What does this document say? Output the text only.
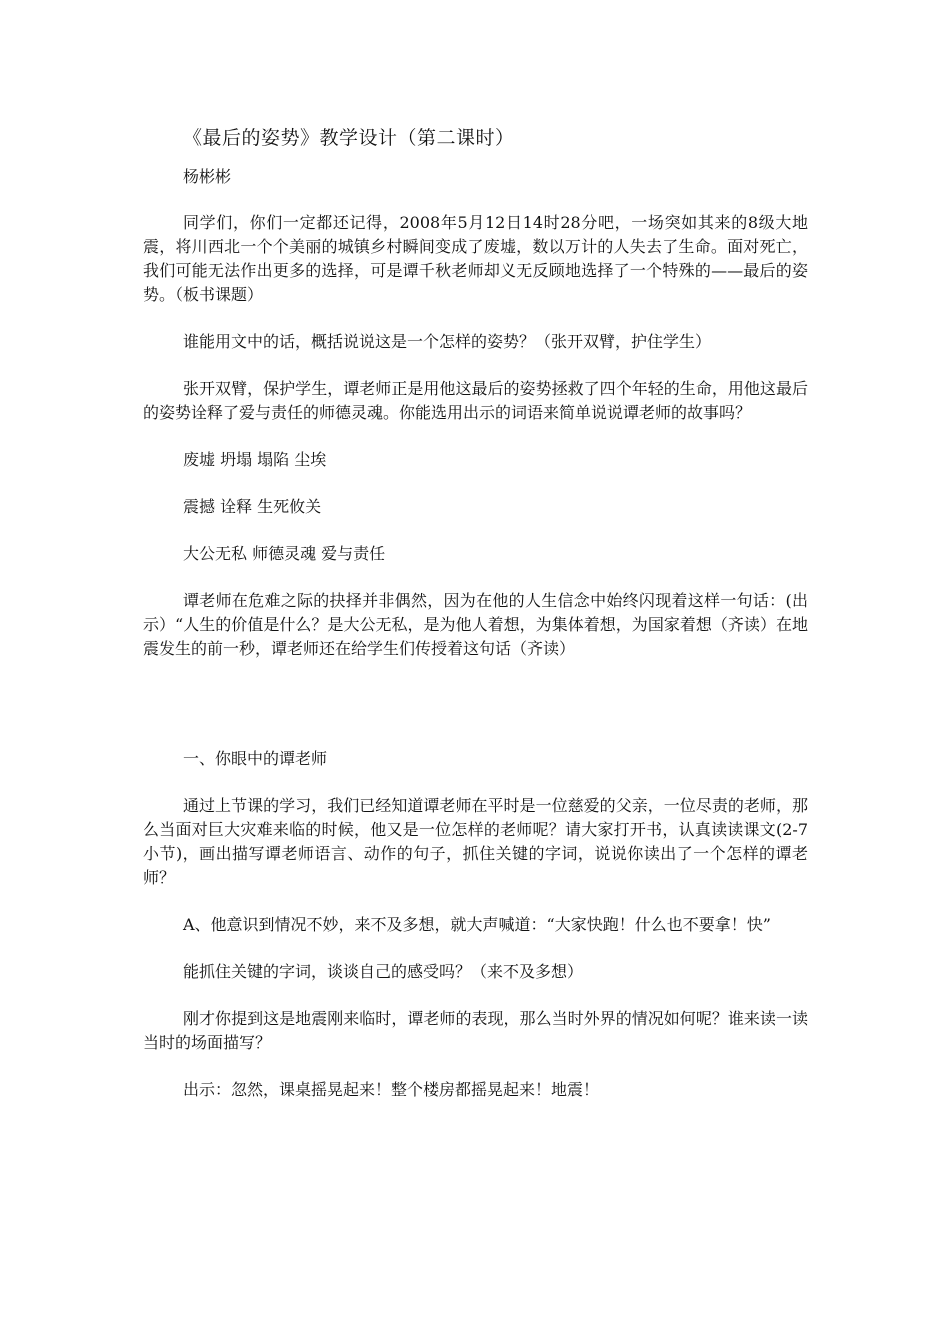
《最后的姿势》教学设计（第二课时）
杨彬彬

同学们，你们一定都还记得，2008年5月12日14时28分吧，一场突如其来的8级大地震，将川西北一个个美丽的城镇乡村瞬间变成了废墟，数以万计的人失去了生命。面对死亡，我们可能无法作出更多的选择，可是谭千秋老师却义无反顾地选择了一个特殊的——最后的姿势。（板书课题）

谁能用文中的话，概括说说这是一个怎样的姿势？（张开双臂，护住学生）

张开双臂，保护学生，谭老师正是用他这最后的姿势拯救了四个年轻的生命，用他这最后的姿势诠释了爱与责任的师德灵魂。你能选用出示的词语来简单说说谭老师的故事吗？

废墟 坍塌 塌陷 尘埃

震撼 诠释 生死攸关

大公无私 师德灵魂 爱与责任

谭老师在危难之际的抉择并非偶然，因为在他的人生信念中始终闪现着这样一句话：(出示）“人生的价值是什么？是大公无私，是为他人着想，为集体着想，为国家着想（齐读）在地震发生的前一秒，谭老师还在给学生们传授着这句话（齐读）

一、你眼中的谭老师

通过上节课的学习，我们已经知道谭老师在平时是一位慈爱的父亲，一位尽责的老师，那么当面对巨大灾难来临的时候，他又是一位怎样的老师呢？请大家打开书，认真读读课文(2-7小节)，画出描写谭老师语言、动作的句子，抓住关键的字词，说说你读出了一个怎样的谭老师？

A、他意识到情况不妙，来不及多想，就大声喊道：“大家快跑！什么也不要拿！快”

能抓住关键的字词，谈谈自己的感受吗？（来不及多想）

刚才你提到这是地震刚来临时，谭老师的表现，那么当时外界的情况如何呢？谁来读一读当时的场面描写？

出示：忽然，课桌摇晃起来！整个楼房都摇晃起来！地震！
